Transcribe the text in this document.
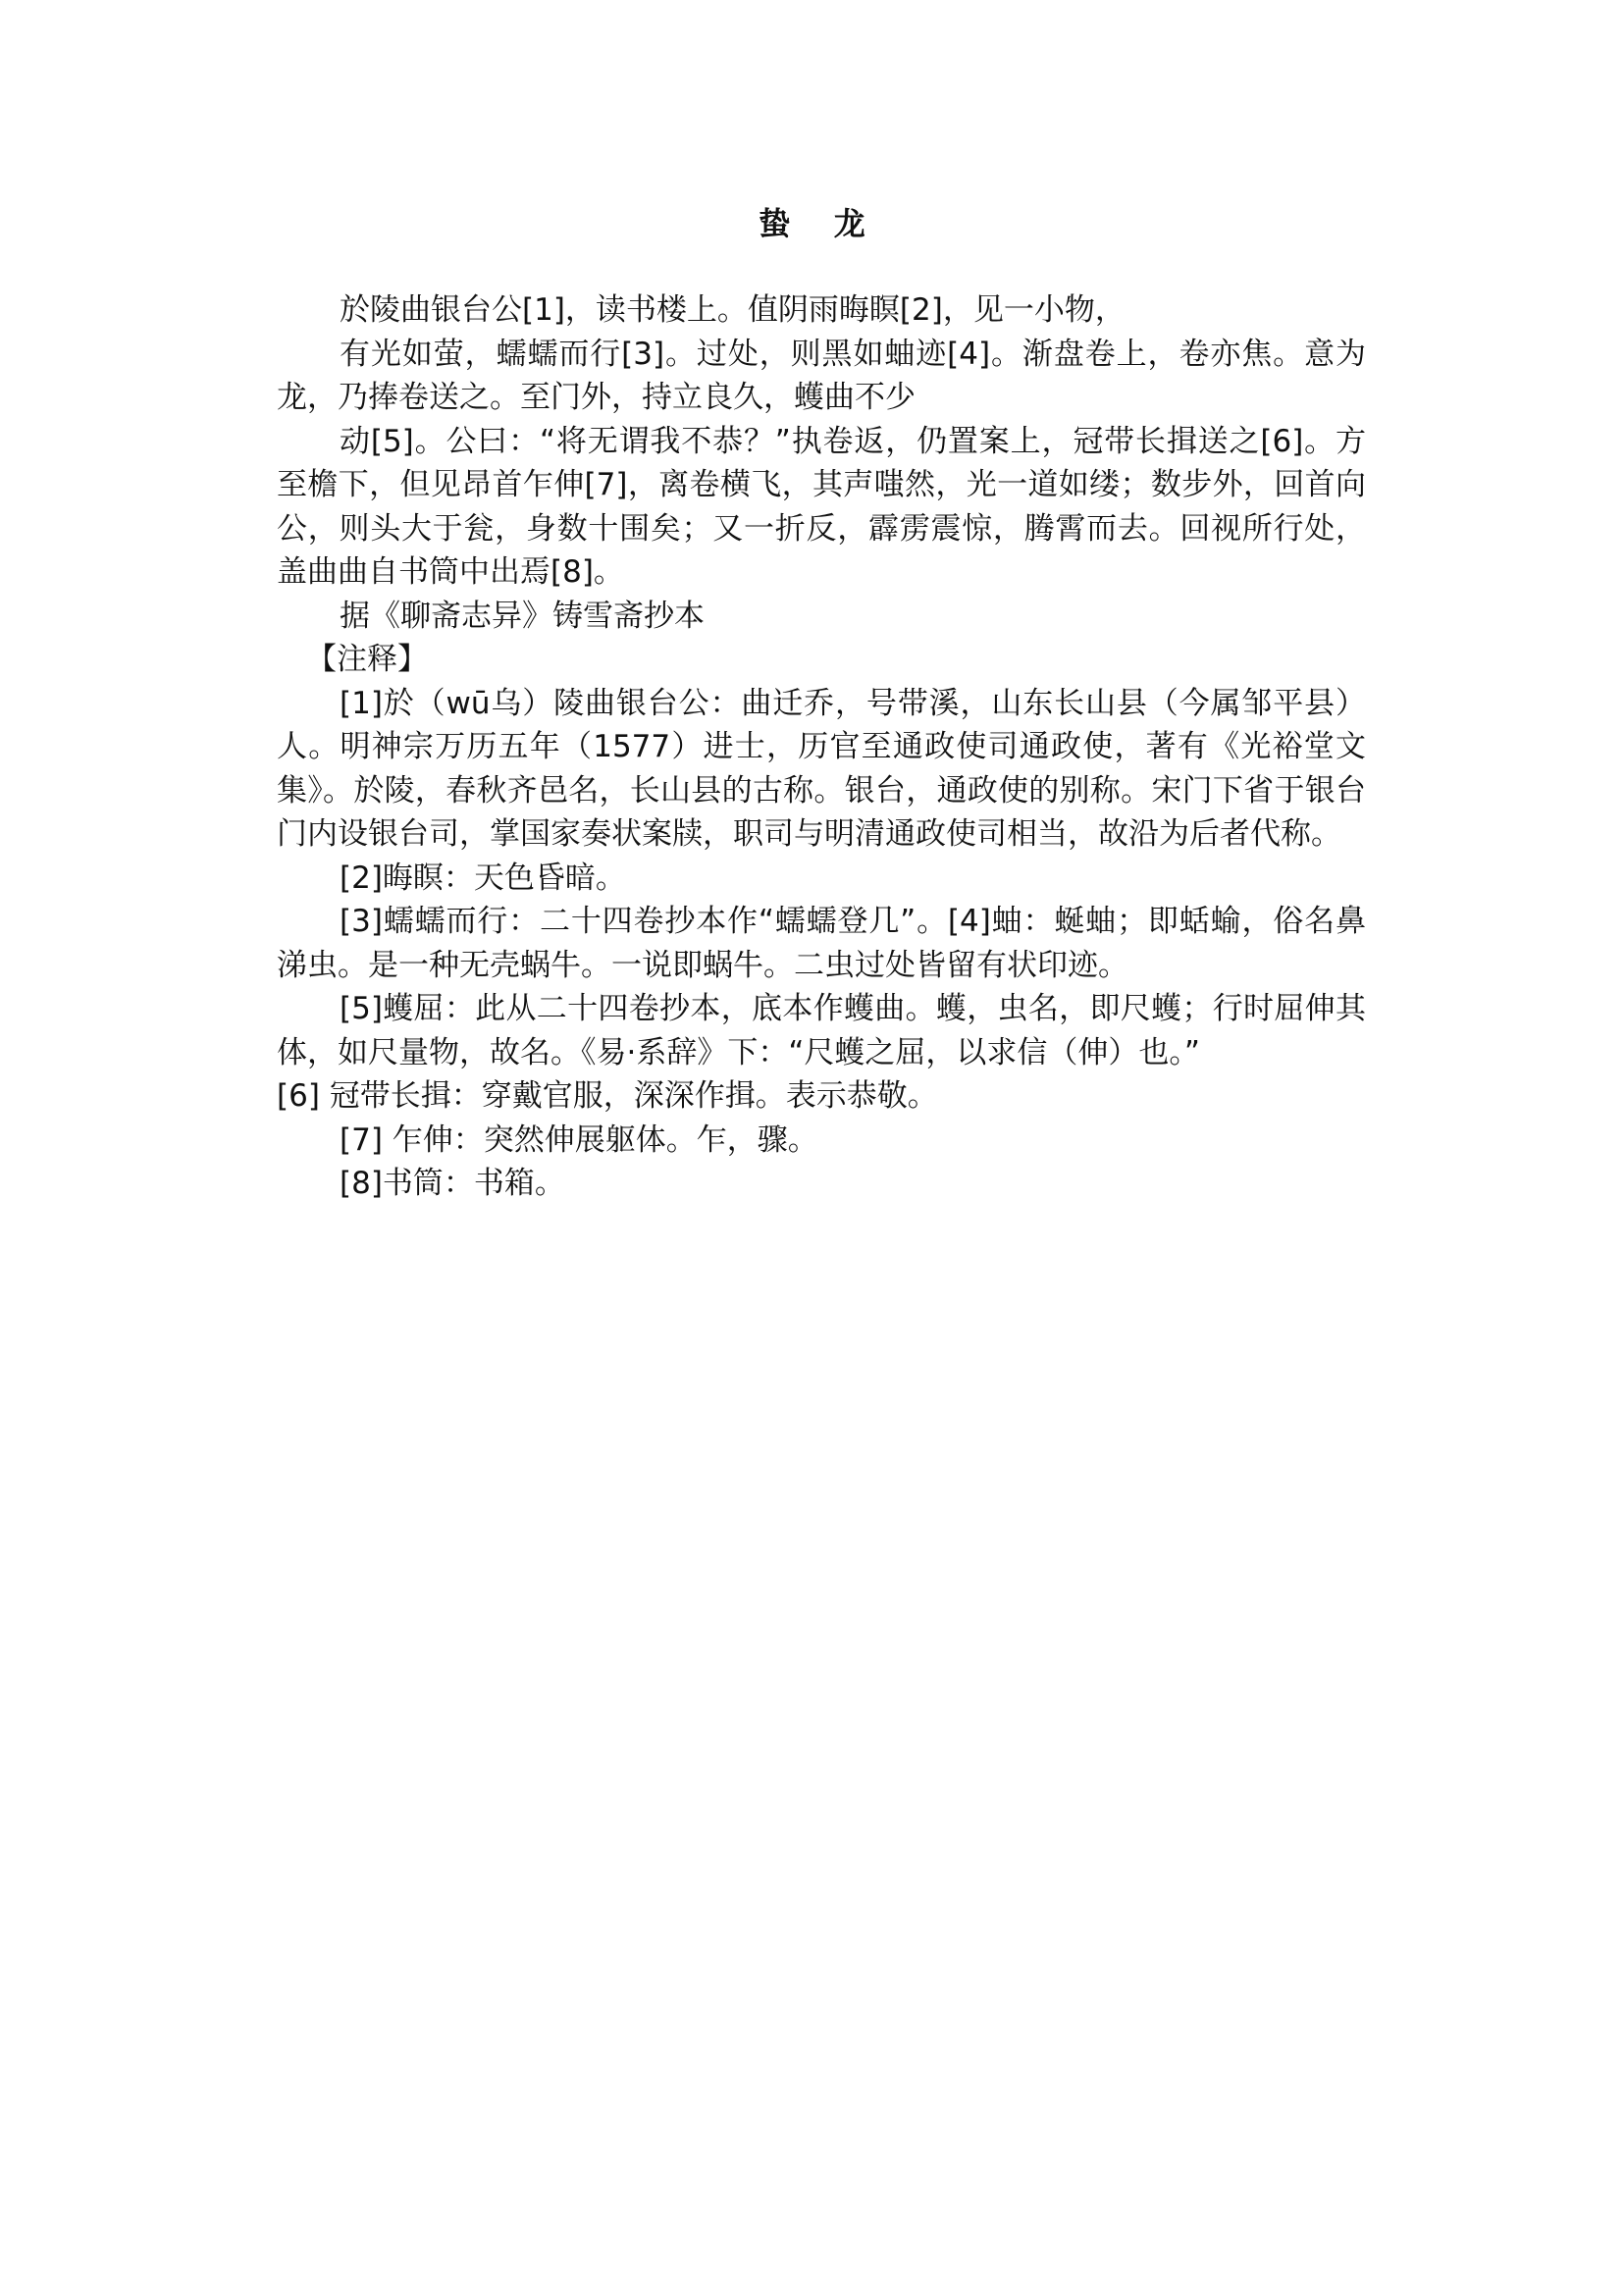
蛰    龙

於陵曲银台公[1]，读书楼上。值阴雨晦瞑[2]，见一小物，

有光如萤，蠕蠕而行[3]。过处，则黑如蚰迹[4]。渐盘卷上，卷亦焦。意为龙，乃捧卷送之。至门外，持立良久，蠖曲不少

动[5]。公曰：“将无谓我不恭？”执卷返，仍置案上，冠带长揖送之[6]。方至檐下，但见昂首乍伸[7]，离卷横飞，其声嗤然，光一道如缕；数步外，回首向公，则头大于瓮，身数十围矣；又一折反，霹雳震惊，腾霄而去。回视所行处，盖曲曲自书筒中出焉[8]。

据《聊斋志异》铸雪斋抄本

【注释】

[1]於（wū乌）陵曲银台公：曲迁乔，号带溪，山东长山县（今属邹平县）人。明神宗万历五年（1577）进士，历官至通政使司通政使，著有《光裕堂文集》。於陵，春秋齐邑名，长山县的古称。银台，通政使的别称。宋门下省于银台门内设银台司，掌国家奏状案牍，职司与明清通政使司相当，故沿为后者代称。

[2]晦瞑：天色昏暗。

[3]蠕蠕而行：二十四卷抄本作“蠕蠕登几”。[4]蚰：蜒蚰；即蛞蝓，俗名鼻涕虫。是一种无壳蜗牛。一说即蜗牛。二虫过处皆留有状印迹。

[5]蠖屈：此从二十四卷抄本，底本作蠖曲。蠖，虫名，即尺蠖；行时屈伸其体，如尺量物，故名。《易·系辞》下：“尺蠖之屈，以求信（伸）也。”

[6] 冠带长揖：穿戴官服，深深作揖。表示恭敬。

[7] 乍伸：突然伸展躯体。乍，骤。

[8]书筒：书箱。
